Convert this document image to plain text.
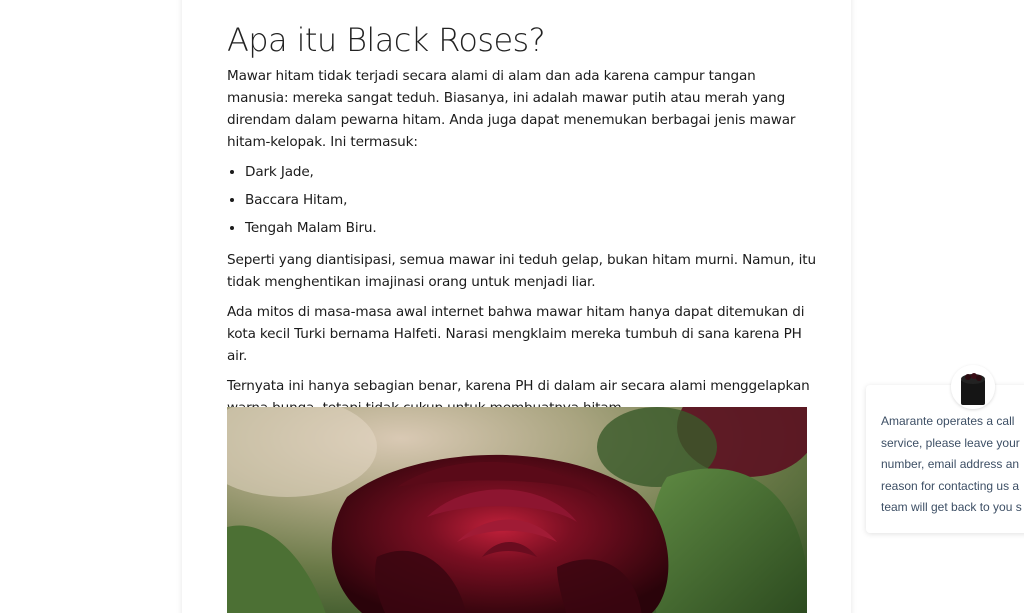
Apa itu Black Roses?

Mawar hitam tidak terjadi secara alami di alam dan ada karena campur tangan manusia: mereka sangat teduh. Biasanya, ini adalah mawar putih atau merah yang direndam dalam pewarna hitam. Anda juga dapat menemukan berbagai jenis mawar hitam-kelopak. Ini termasuk:

• Dark Jade,
• Baccara Hitam,
• Tengah Malam Biru.

Seperti yang diantisipasi, semua mawar ini teduh gelap, bukan hitam murni. Namun, itu tidak menghentikan imajinasi orang untuk menjadi liar.

Ada mitos di masa-masa awal internet bahwa mawar hitam hanya dapat ditemukan di kota kecil Turki bernama Halfeti. Narasi mengklaim mereka tumbuh di sana karena PH air.

Ternyata ini hanya sebagian benar, karena PH di dalam air secara alami menggelapkan

Amarante operates a call
service, please leave your
number, email address an
reason for contacting us a
team will get back to you s
